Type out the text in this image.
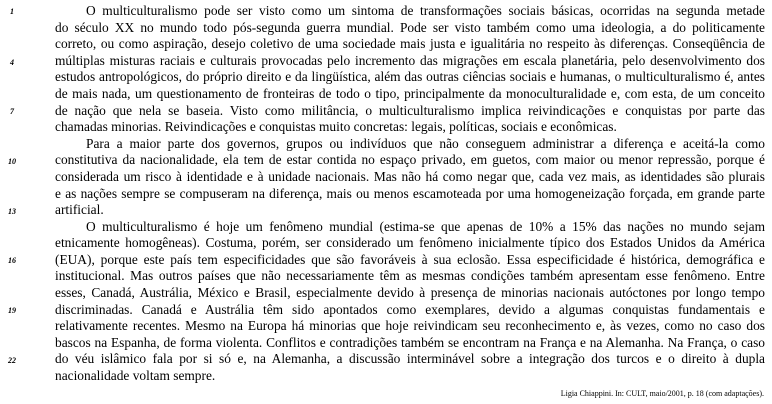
1
4
7
10
13
16
19
22
O multiculturalismo pode ser visto como um sintoma de transformações sociais básicas, ocorridas na segunda metade
do século XX no mundo todo pós-segunda guerra mundial. Pode ser visto também como uma ideologia, a do politicamente
correto, ou como aspiração, desejo coletivo de uma sociedade mais justa e igualitária no respeito às diferenças. Conseqüência de
múltiplas misturas raciais e culturais provocadas pelo incremento das migrações em escala planetária, pelo desenvolvimento dos
estudos antropológicos, do próprio direito e da lingüística, além das outras ciências sociais e humanas, o multiculturalismo é, antes
de mais nada, um questionamento de fronteiras de todo o tipo, principalmente da monoculturalidade e, com esta, de um conceito
de nação que nela se baseia. Visto como militância, o multiculturalismo implica reivindicações e conquistas por parte das
chamadas minorias. Reivindicações e conquistas muito concretas: legais, políticas, sociais e econômicas.
Para a maior parte dos governos, grupos ou indivíduos que não conseguem administrar a diferença e aceitá-la como
constitutiva da nacionalidade, ela tem de estar contida no espaço privado, em guetos, com maior ou menor repressão, porque é
considerada um risco à identidade e à unidade nacionais. Mas não há como negar que, cada vez mais, as identidades são plurais
e as nações sempre se compuseram na diferença, mais ou menos escamoteada por uma homogeneização forçada, em grande parte
artificial.
O multiculturalismo é hoje um fenômeno mundial (estima-se que apenas de 10% a 15% das nações no mundo sejam
etnicamente homogêneas). Costuma, porém, ser considerado um fenômeno inicialmente típico dos Estados Unidos da América
(EUA), porque este país tem especificidades que são favoráveis à sua eclosão. Essa especificidade é histórica, demográfica e
institucional. Mas outros países que não necessariamente têm as mesmas condições também apresentam esse fenômeno. Entre
esses, Canadá, Austrália, México e Brasil, especialmente devido à presença de minorias nacionais autóctones por longo tempo
discriminadas. Canadá e Austrália têm sido apontados como exemplares, devido a algumas conquistas fundamentais e
relativamente recentes. Mesmo na Europa há minorias que hoje reivindicam seu reconhecimento e, às vezes, como no caso dos
bascos na Espanha, de forma violenta. Conflitos e contradições também se encontram na França e na Alemanha. Na França, o caso
do véu islâmico fala por si só e, na Alemanha, a discussão interminável sobre a integração dos turcos e o direito à dupla
nacionalidade voltam sempre.
Ligia Chiappini. In: CULT, maio/2001, p. 18 (com adaptações).
